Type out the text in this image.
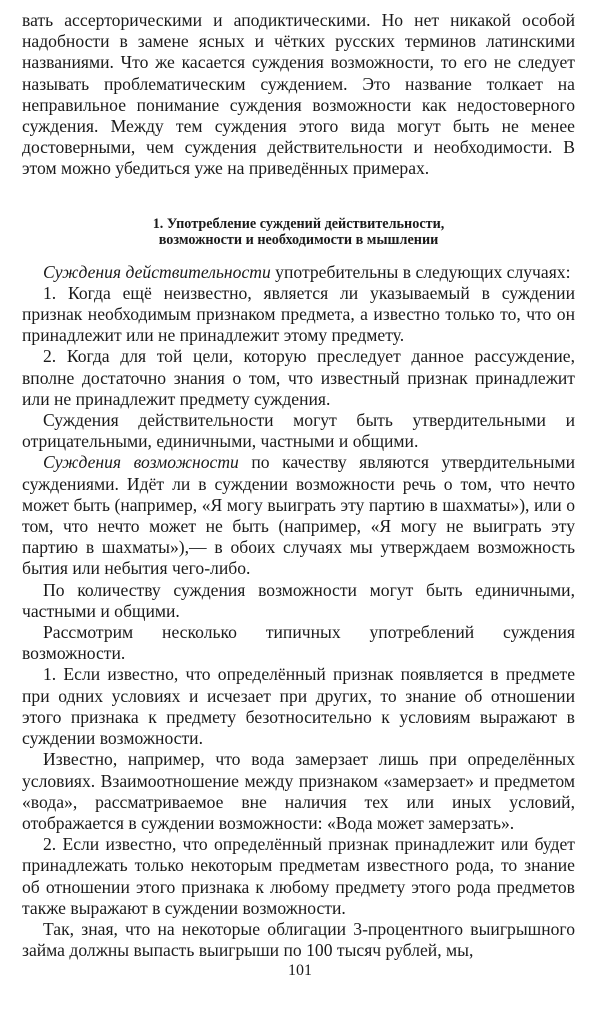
вать ассерторическими и аподиктическими. Но нет никакой особой надобности в замене ясных и чётких русских терминов латинскими названиями. Что же касается суждения возможности, то его не следует называть проблематическим суждением. Это название толкает на неправильное понимание суждения возможности как недостоверного суждения. Между тем суждения этого вида могут быть не менее достоверными, чем суждения действительности и необходимости. В этом можно убедиться уже на приведённых примерах.

1. Употребление суждений действительности,
возможности и необходимости в мышлении

Суждения действительности употребительны в следующих случаях:

1. Когда ещё неизвестно, является ли указываемый в суждении признак необходимым признаком предмета, а известно только то, что он принадлежит или не принадлежит этому предмету.

2. Когда для той цели, которую преследует данное рассуждение, вполне достаточно знания о том, что известный признак принадлежит или не принадлежит предмету суждения.

Суждения действительности могут быть утвердительными и отрицательными, единичными, частными и общими.

Суждения возможности по качеству являются утвердительными суждениями. Идёт ли в суждении возможности речь о том, что нечто может быть (например, «Я могу выиграть эту партию в шахматы»), или о том, что нечто может не быть (например, «Я могу не выиграть эту партию в шахматы»),— в обоих случаях мы утверждаем возможность бытия или небытия чего-либо.

По количеству суждения возможности могут быть единичными, частными и общими.

Рассмотрим несколько типичных употреблений суждения возможности.

1. Если известно, что определённый признак появляется в предмете при одних условиях и исчезает при других, то знание об отношении этого признака к предмету безотносительно к условиям выражают в суждении возможности.

Известно, например, что вода замерзает лишь при определённых условиях. Взаимоотношение между признаком «замерзает» и предметом «вода», рассматриваемое вне наличия тех или иных условий, отображается в суждении возможности: «Вода может замерзать».

2. Если известно, что определённый признак принадлежит или будет принадлежать только некоторым предметам известного рода, то знание об отношении этого признака к любому предмету этого рода предметов также выражают в суждении возможности.

Так, зная, что на некоторые облигации 3-процентного выигрышного займа должны выпасть выигрыши по 100 тысяч рублей, мы,

101
